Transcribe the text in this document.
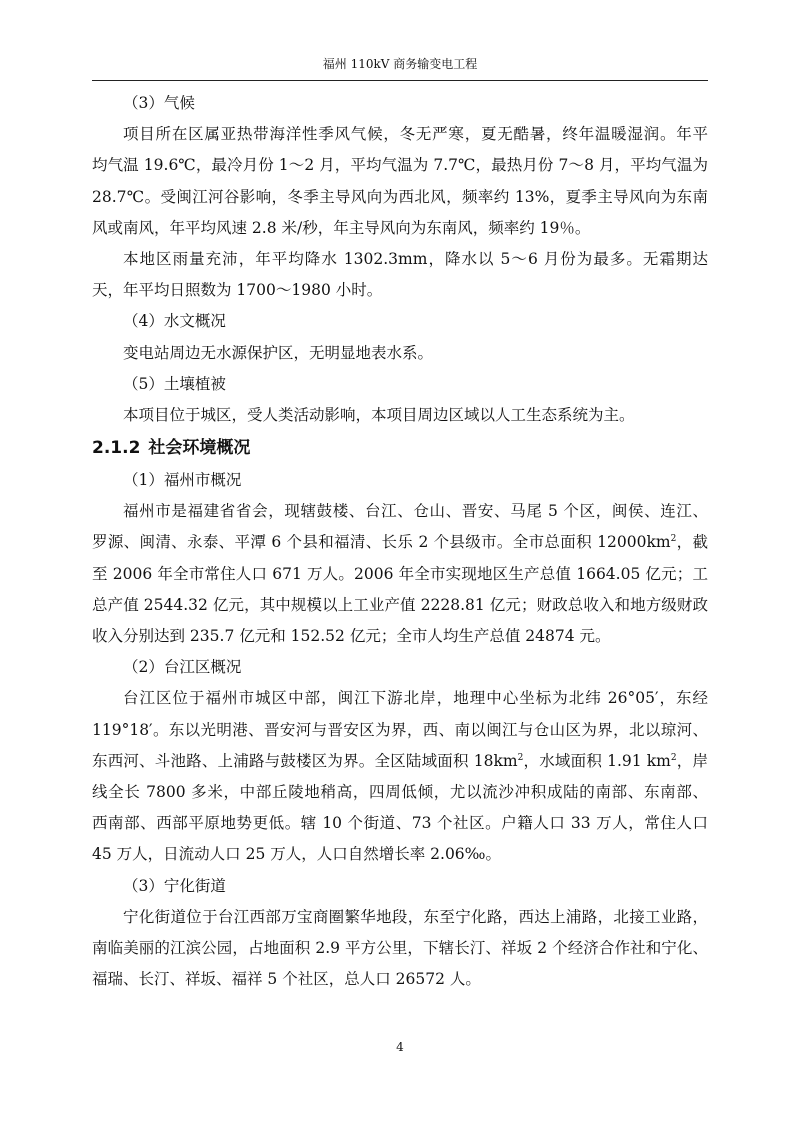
福州 110kV 商务输变电工程
（3）气候
项目所在区属亚热带海洋性季风气候，冬无严寒，夏无酷暑，终年温暖湿润。年平
均气温 19.6℃，最冷月份 1～2 月，平均气温为 7.7℃，最热月份 7～8 月，平均气温为
28.7℃。受闽江河谷影响，冬季主导风向为西北风，频率约 13%，夏季主导风向为东南
风或南风，年平均风速 2.8 米/秒，年主导风向为东南风，频率约 19％。
本地区雨量充沛，年平均降水 1302.3mm，降水以 5～6 月份为最多。无霜期达
天，年平均日照数为 1700～1980 小时。
（4）水文概况
变电站周边无水源保护区，无明显地表水系。
（5）土壤植被
本项目位于城区，受人类活动影响，本项目周边区域以人工生态系统为主。
2.1.2 社会环境概况
（1）福州市概况
福州市是福建省省会，现辖鼓楼、台江、仓山、晋安、马尾 5 个区，闽侯、连江、
罗源、闽清、永泰、平潭 6 个县和福清、长乐 2 个县级市。全市总面积 $12000km^2$，截
至 2006 年全市常住人口 671 万人。2006 年全市实现地区生产总值 1664.05 亿元；工
总产值 2544.32 亿元，其中规模以上工业产值 2228.81 亿元；财政总收入和地方级财政
收入分别达到 235.7 亿元和 152.52 亿元；全市人均生产总值 24874 元。
（2）台江区概况
台江区位于福州市城区中部，闽江下游北岸，地理中心坐标为北纬 26°05′，东经
119°18′。东以光明港、晋安河与晋安区为界，西、南以闽江与仓山区为界，北以琼河、
东西河、斗池路、上浦路与鼓楼区为界。全区陆域面积 $18km^2$，水域面积 1.91 $km^2$，岸
线全长 7800 多米，中部丘陵地稍高，四周低倾，尤以流沙冲积成陆的南部、东南部、
西南部、西部平原地势更低。辖 10 个街道、73 个社区。户籍人口 33 万人，常住人口
45 万人，日流动人口 25 万人，人口自然增长率 2.06‰。
（3）宁化街道
宁化街道位于台江西部万宝商圈繁华地段，东至宁化路，西达上浦路，北接工业路，
南临美丽的江滨公园，占地面积 2.9 平方公里，下辖长汀、祥坂 2 个经济合作社和宁化、
福瑞、长汀、祥坂、福祥 5 个社区，总人口 26572 人。
4
